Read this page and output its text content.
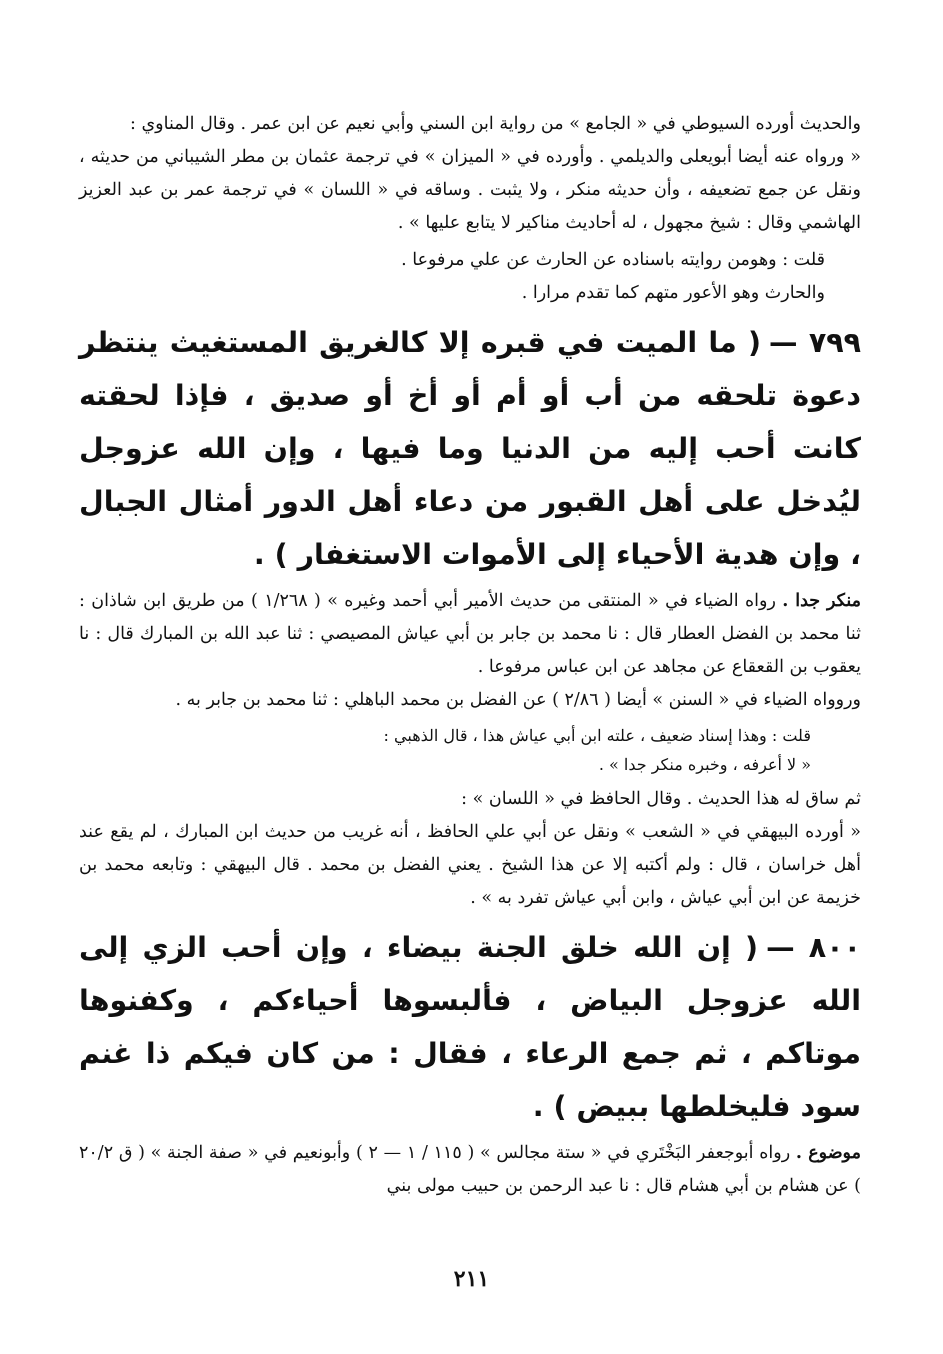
والحديث أورده السيوطي في « الجامع » من رواية ابن السني وأبي نعيم عن ابن عمر . وقال المناوي :

« ورواه عنه أيضا أبويعلى والديلمي . وأورده في « الميزان » في ترجمة عثمان بن مطر الشيباني من حديثه ، ونقل عن جمع تضعيفه ، وأن حديثه منكر ، ولا يثبت . وساقه في « اللسان » في ترجمة عمر بن عبد العزيز الهاشمي وقال : شيخ مجهول ، له أحاديث مناكير لا يتابع عليها » .

قلت : وهومن روايته باسناده عن الحارث عن علي مرفوعا .

والحارث وهو الأعور متهم كما تقدم مرارا .

٧٩٩ —( ما الميت في قبره إلا كالغريق المستغيث ينتظر دعوة تلحقه من أب أو أم أو أخ أو صديق ، فإذا لحقته كانت أحب إليه من الدنيا وما فيها ، وإن الله عزوجل ليُدخل على أهل القبور من دعاء أهل الدور أمثال الجبال ، وإن هدية الأحياء إلى الأموات الاستغفار ) .

منكر جدا . رواه الضياء في « المنتقى من حديث الأمير أبي أحمد وغيره » ( ١/٢٦٨ ) من طريق ابن شاذان : ثنا محمد بن الفضل العطار قال : نا محمد بن جابر بن أبي عياش المصيصي : ثنا عبد الله بن المبارك قال : نا يعقوب بن القعقاع عن مجاهد عن ابن عباس مرفوعا .

وروواه الضياء في « السنن » أيضا ( ٢/٨٦ ) عن الفضل بن محمد الباهلي : ثنا محمد بن جابر به .

قلت : وهذا إسناد ضعيف ، علته ابن أبي عياش هذا ، قال الذهبي :

« لا أعرفه ، وخبره منكر جدا » .

ثم ساق له هذا الحديث . وقال الحافظ في « اللسان » :

« أورده البيهقي في « الشعب » ونقل عن أبي علي الحافظ ، أنه غريب من حديث ابن المبارك ، لم يقع عند أهل خراسان ، قال : ولم أكتبه إلا عن هذا الشيخ . يعني الفضل بن محمد . قال البيهقي : وتابعه محمد بن خزيمة عن ابن أبي عياش ، وابن أبي عياش تفرد به » .

٨٠٠ —( إن الله خلق الجنة بيضاء ، وإن أحب الزي إلى الله عزوجل البياض ، فألبسوها أحياءكم ، وكفنوها موتاكم ، ثم جمع الرعاء ، فقال : من كان فيكم ذا غنم سود فليخلطها ببيض ) .

موضوع . رواه أبوجعفر البَخْتَري في « ستة مجالس » ( ١١٥ / ١ — ٢ ) وأبونعيم في « صفة الجنة » ( ق ٢٠/٢ ) عن هشام بن أبي هشام قال : نا عبد الرحمن بن حبيب مولى بني

٢١١
